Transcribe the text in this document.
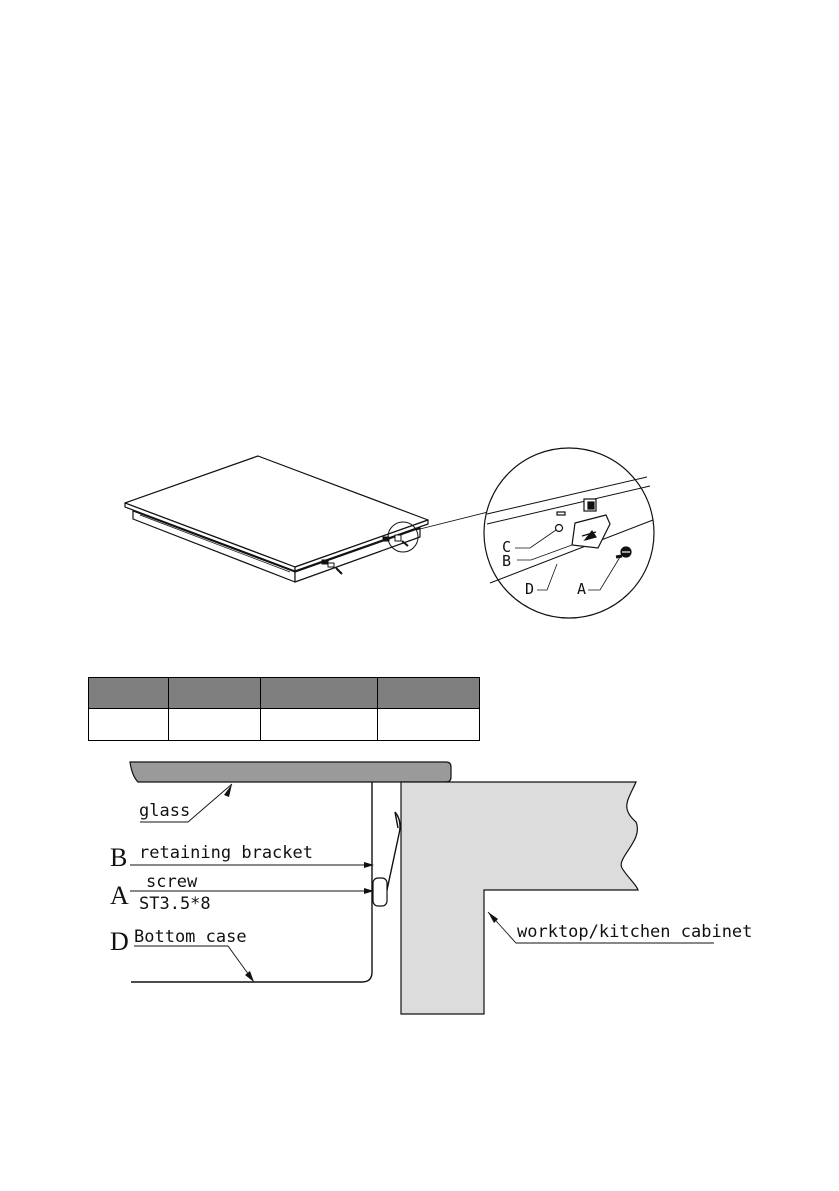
C
B
D	A

glass
B retaining bracket
A screw
ST3.5*8
D Bottom case	worktop/kitchen cabinet
